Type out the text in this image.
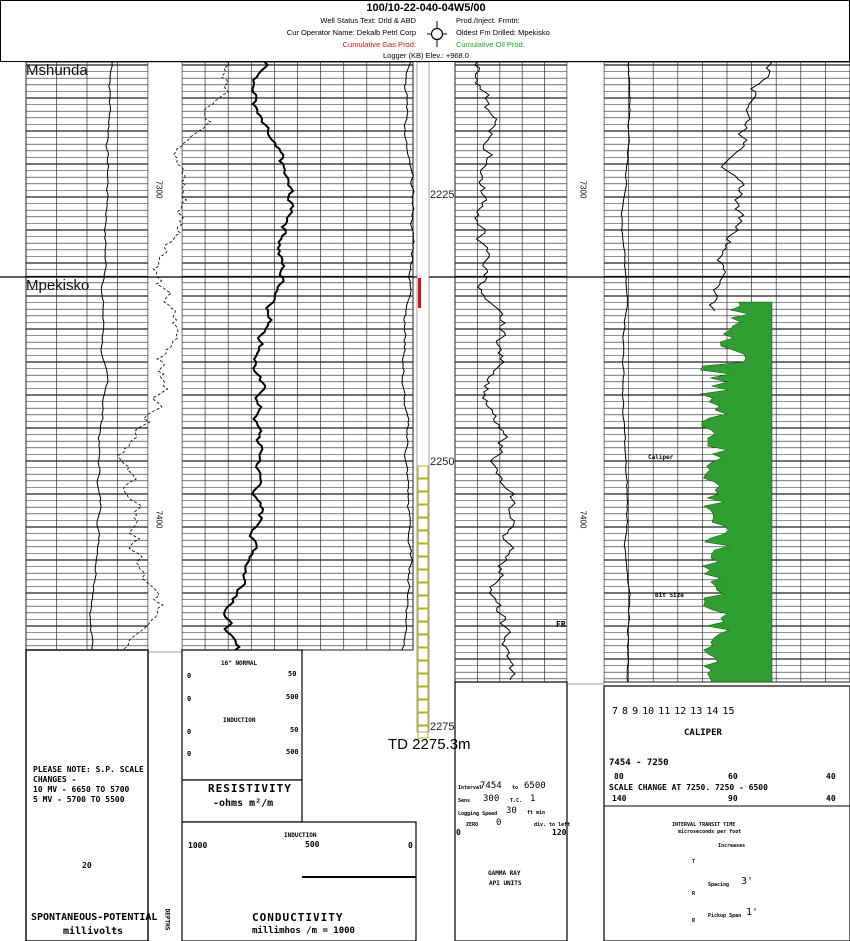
100/10-22-040-04W5/00
Well Status Text: Drld & ABD
Cur Operator Name: Dekalb Petrl Corp
Cumulative Gas Prod:
Prod./Inject. Frmtn:
Oldest Fm Drilled: Mpekisko
Cumulative Oil Prod:
Logger (KB) Elev.: +968.0
Mshunda
Mpekisko
2225
2250
2275
TD 2275.3m
7300
7400
7300
7400
Caliper
Bit Size
FR
PLEASE NOTE: S.P. SCALE
CHANGES -
10 MV - 6650 TO 5700
5 MV - 5700 TO 5500
20
SPONTANEOUS-POTENTIAL
millivolts
DEPTHS
16" NORMAL
0	50
0	500
INDUCTION
0	50
0	500
RESISTIVITY
-ohms m²/m
INDUCTION
1000	500	0
CONDUCTIVITY
millimhos /m = 1000
Interval
7454 to 6500
Sens 300 T.C. 1
Logging Speed 30 ft min
ZERO 0	div. to left
0	120
GAMMA RAY
API UNITS
7 8 9 10 11 12 13 14 15
CALIPER
7454 - 7250
80	60	40
SCALE CHANGE AT 7250. 7250 - 6500
140	90	40
INTERVAL TRANSIT TIME
microseconds per foot
Increases
Spacing 3'
Pickup Span 1'
T
R
R
